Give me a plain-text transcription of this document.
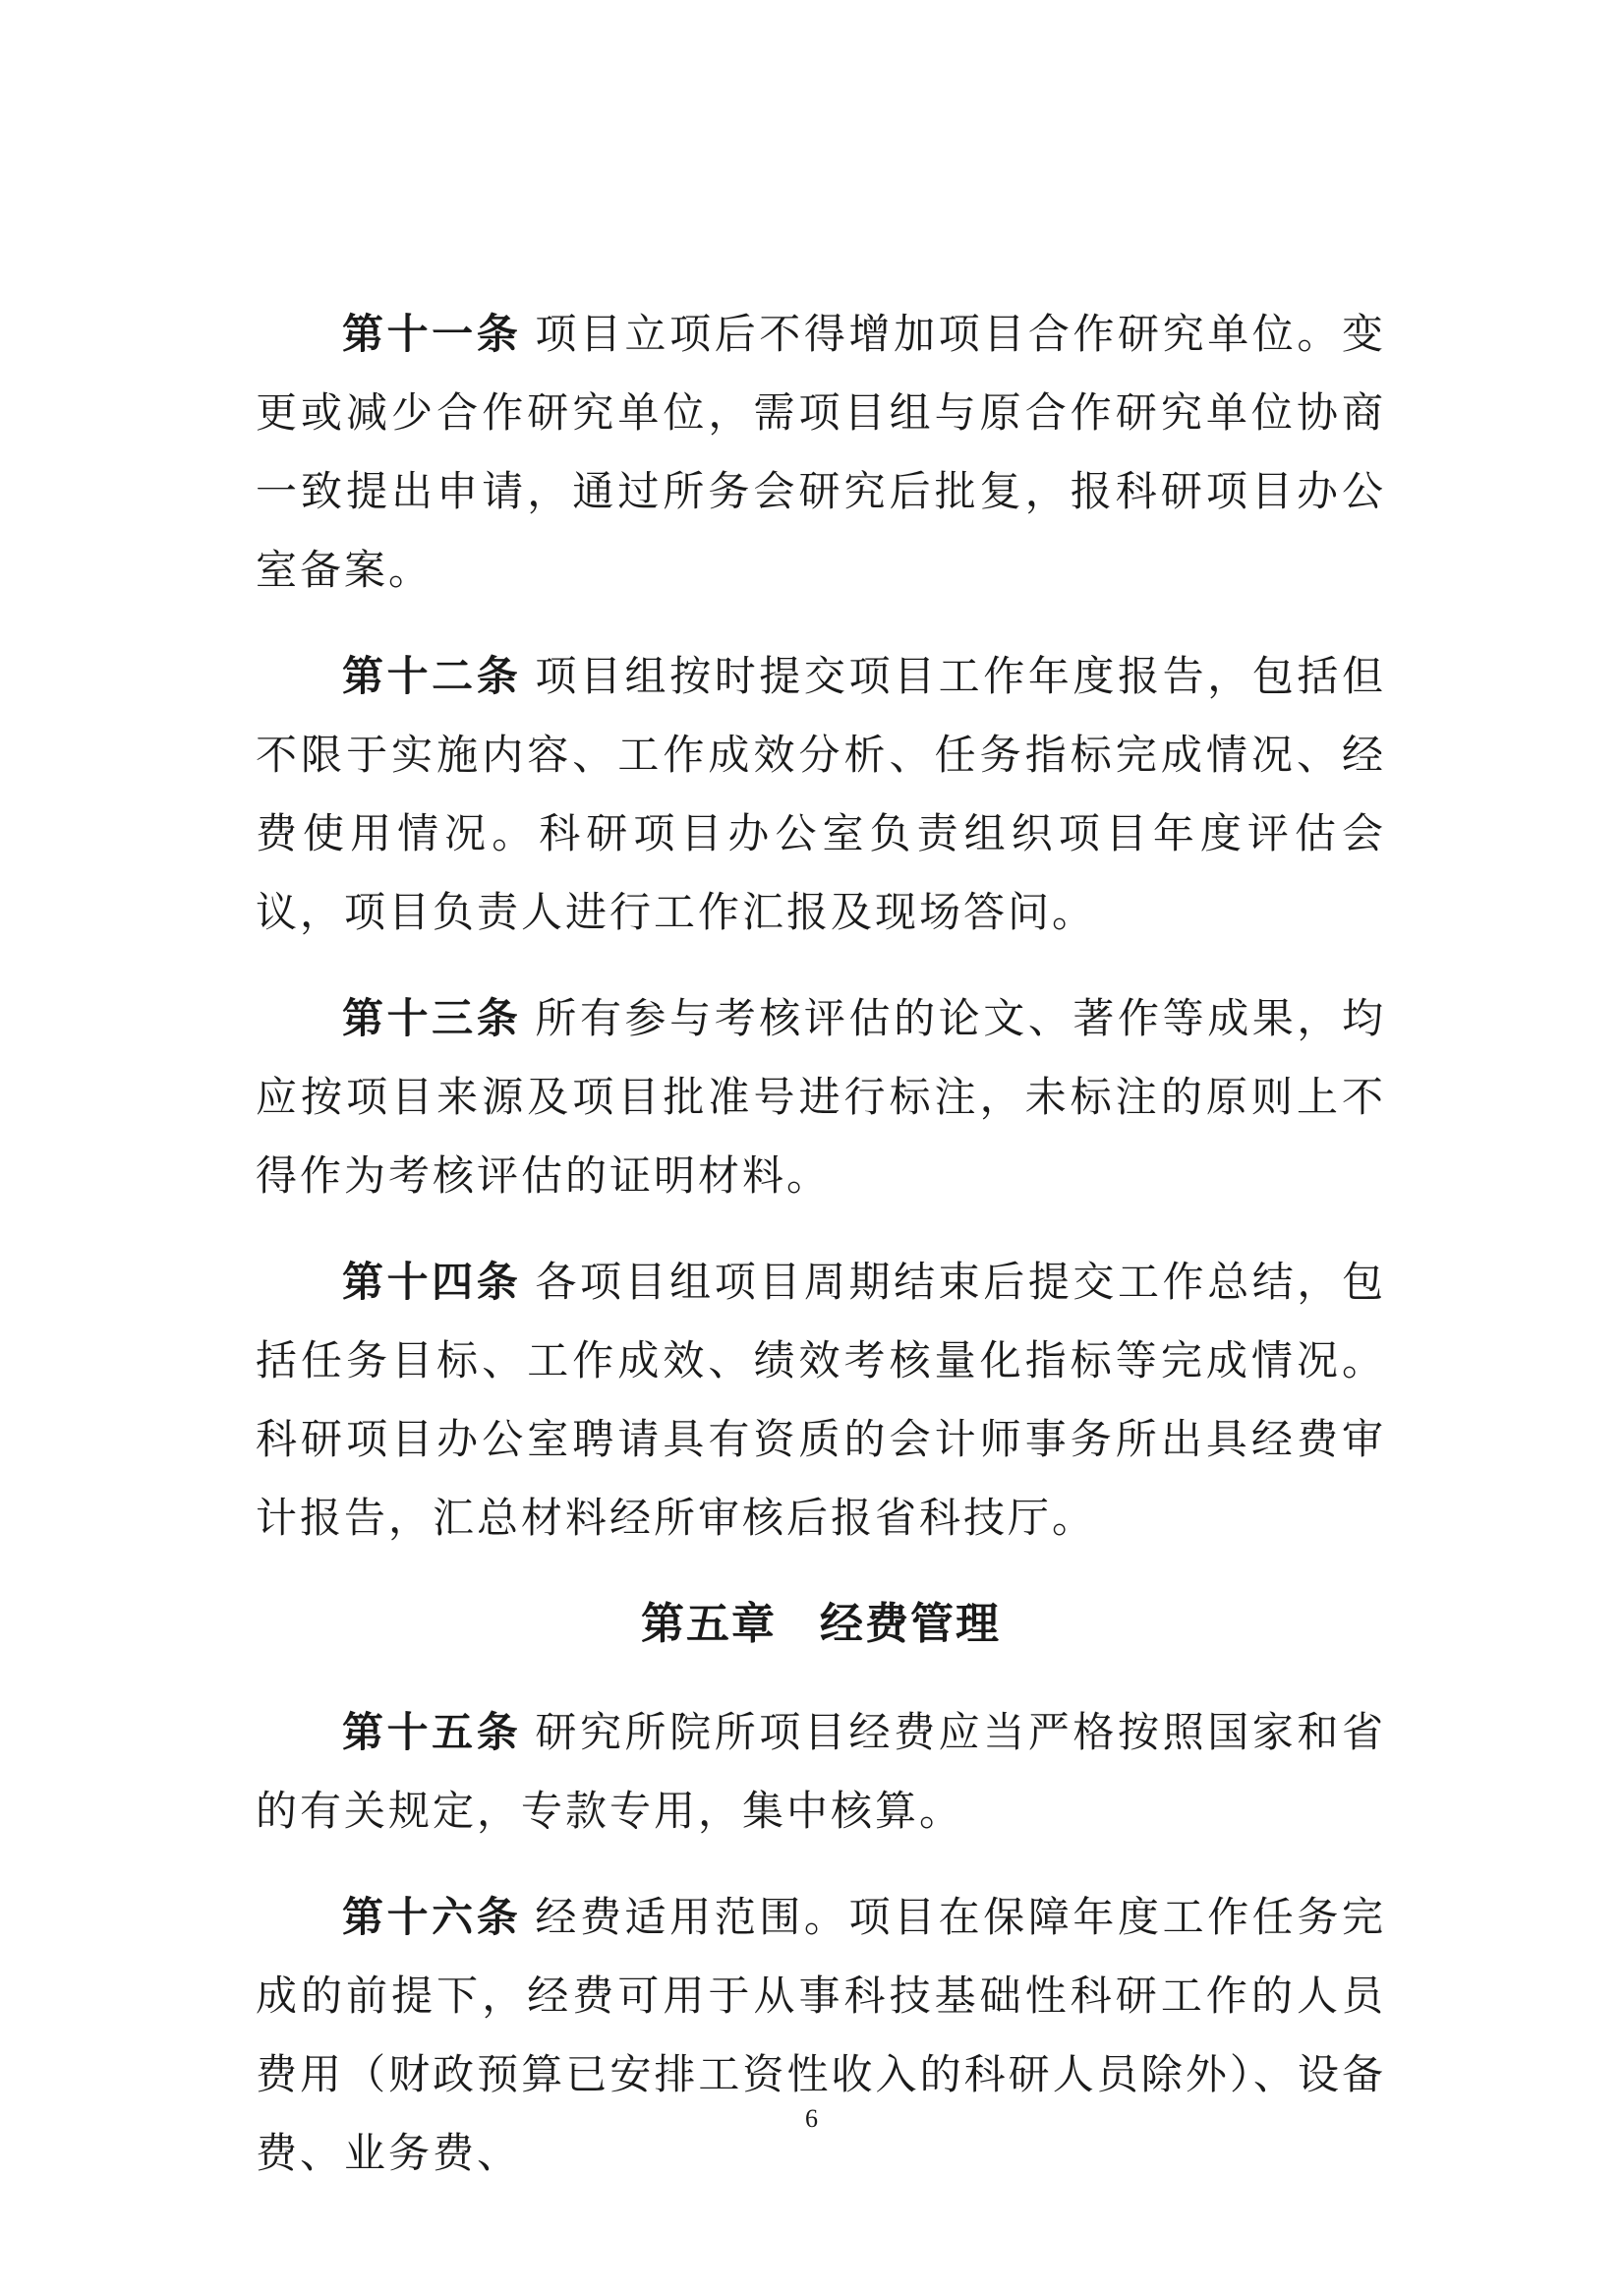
第十一条 项目立项后不得增加项目合作研究单位。变更或减少合作研究单位，需项目组与原合作研究单位协商一致提出申请，通过所务会研究后批复，报科研项目办公室备案。

第十二条 项目组按时提交项目工作年度报告，包括但不限于实施内容、工作成效分析、任务指标完成情况、经费使用情况。科研项目办公室负责组织项目年度评估会议，项目负责人进行工作汇报及现场答问。

第十三条 所有参与考核评估的论文、著作等成果，均应按项目来源及项目批准号进行标注，未标注的原则上不得作为考核评估的证明材料。

第十四条 各项目组项目周期结束后提交工作总结，包括任务目标、工作成效、绩效考核量化指标等完成情况。科研项目办公室聘请具有资质的会计师事务所出具经费审计报告，汇总材料经所审核后报省科技厅。

第五章 经费管理

第十五条 研究所院所项目经费应当严格按照国家和省的有关规定，专款专用，集中核算。

第十六条 经费适用范围。项目在保障年度工作任务完成的前提下，经费可用于从事科技基础性科研工作的人员费用（财政预算已安排工资性收入的科研人员除外）、设备费、业务费、

6
